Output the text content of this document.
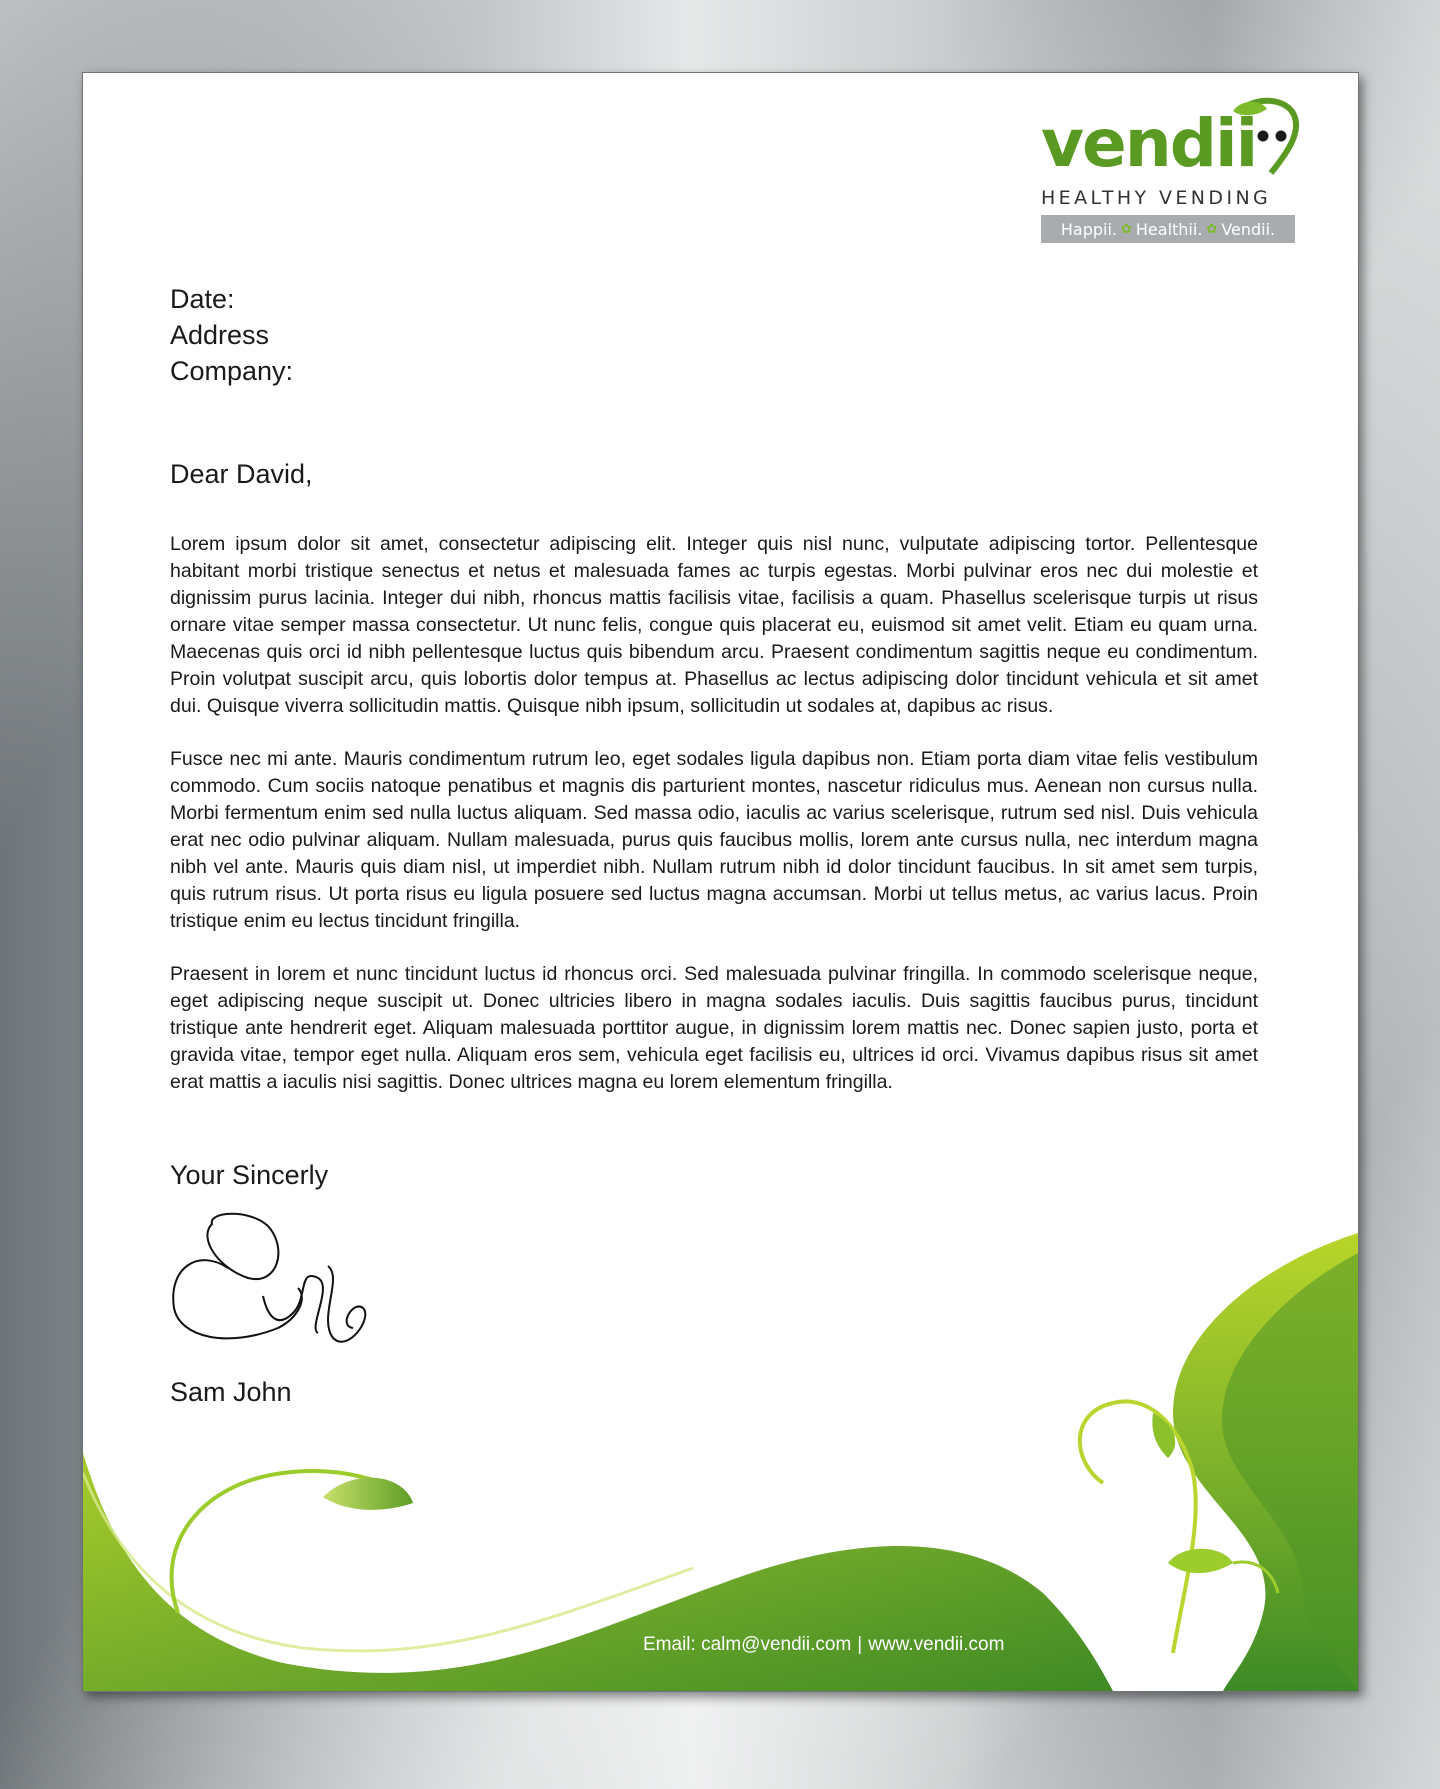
vendii
HEALTHY VENDING
Happii. ✿ Healthii. ✿ Vendii.
Date:
Address
Company:
Dear David,

Lorem ipsum dolor sit amet, consectetur adipiscing elit. Integer quis nisl nunc, vulputate adipiscing tortor. Pellentesque habitant morbi tristique senectus et netus et malesuada fames ac turpis egestas. Morbi pulvinar eros nec dui molestie et dignissim purus lacinia. Integer dui nibh, rhoncus mattis facilisis vitae, facilisis a quam. Phasellus scelerisque turpis ut risus ornare vitae semper massa consectetur. Ut nunc felis, congue quis placerat eu, euismod sit amet velit. Etiam eu quam urna. Maecenas quis orci id nibh pellentesque luctus quis bibendum arcu. Praesent condimentum sagittis neque eu condimentum. Proin volutpat suscipit arcu, quis lobortis dolor tempus at. Phasellus ac lectus adipiscing dolor tincidunt vehicula et sit amet dui. Quisque viverra sollicitudin mattis. Quisque nibh ipsum, sollicitudin ut sodales at, dapibus ac risus.

Fusce nec mi ante. Mauris condimentum rutrum leo, eget sodales ligula dapibus non. Etiam porta diam vitae felis vestibulum commodo. Cum sociis natoque penatibus et magnis dis parturient montes, nascetur ridiculus mus. Aenean non cursus nulla. Morbi fermentum enim sed nulla luctus aliquam. Sed massa odio, iaculis ac varius scelerisque, rutrum sed nisl. Duis vehicula erat nec odio pulvinar aliquam. Nullam malesuada, purus quis faucibus mollis, lorem ante cursus nulla, nec interdum magna nibh vel ante. Mauris quis diam nisl, ut imperdiet nibh. Nullam rutrum nibh id dolor tincidunt faucibus. In sit amet sem turpis, quis rutrum risus. Ut porta risus eu ligula posuere sed luctus magna accumsan. Morbi ut tellus metus, ac varius lacus. Proin tristique enim eu lectus tincidunt fringilla.

Praesent in lorem et nunc tincidunt luctus id rhoncus orci. Sed malesuada pulvinar fringilla. In commodo scelerisque neque, eget adipiscing neque suscipit ut. Donec ultricies libero in magna sodales iaculis. Duis sagittis faucibus purus, tincidunt tristique ante hendrerit eget. Aliquam malesuada porttitor augue, in dignissim lorem mattis nec. Donec sapien justo, porta et gravida vitae, tempor eget nulla. Aliquam eros sem, vehicula eget facilisis eu, ultrices id orci. Vivamus dapibus risus sit amet erat mattis a iaculis nisi sagittis. Donec ultrices magna eu lorem elementum fringilla.

Your Sincerly
Sam John
Email: calm@vendii.com | www.vendii.com
